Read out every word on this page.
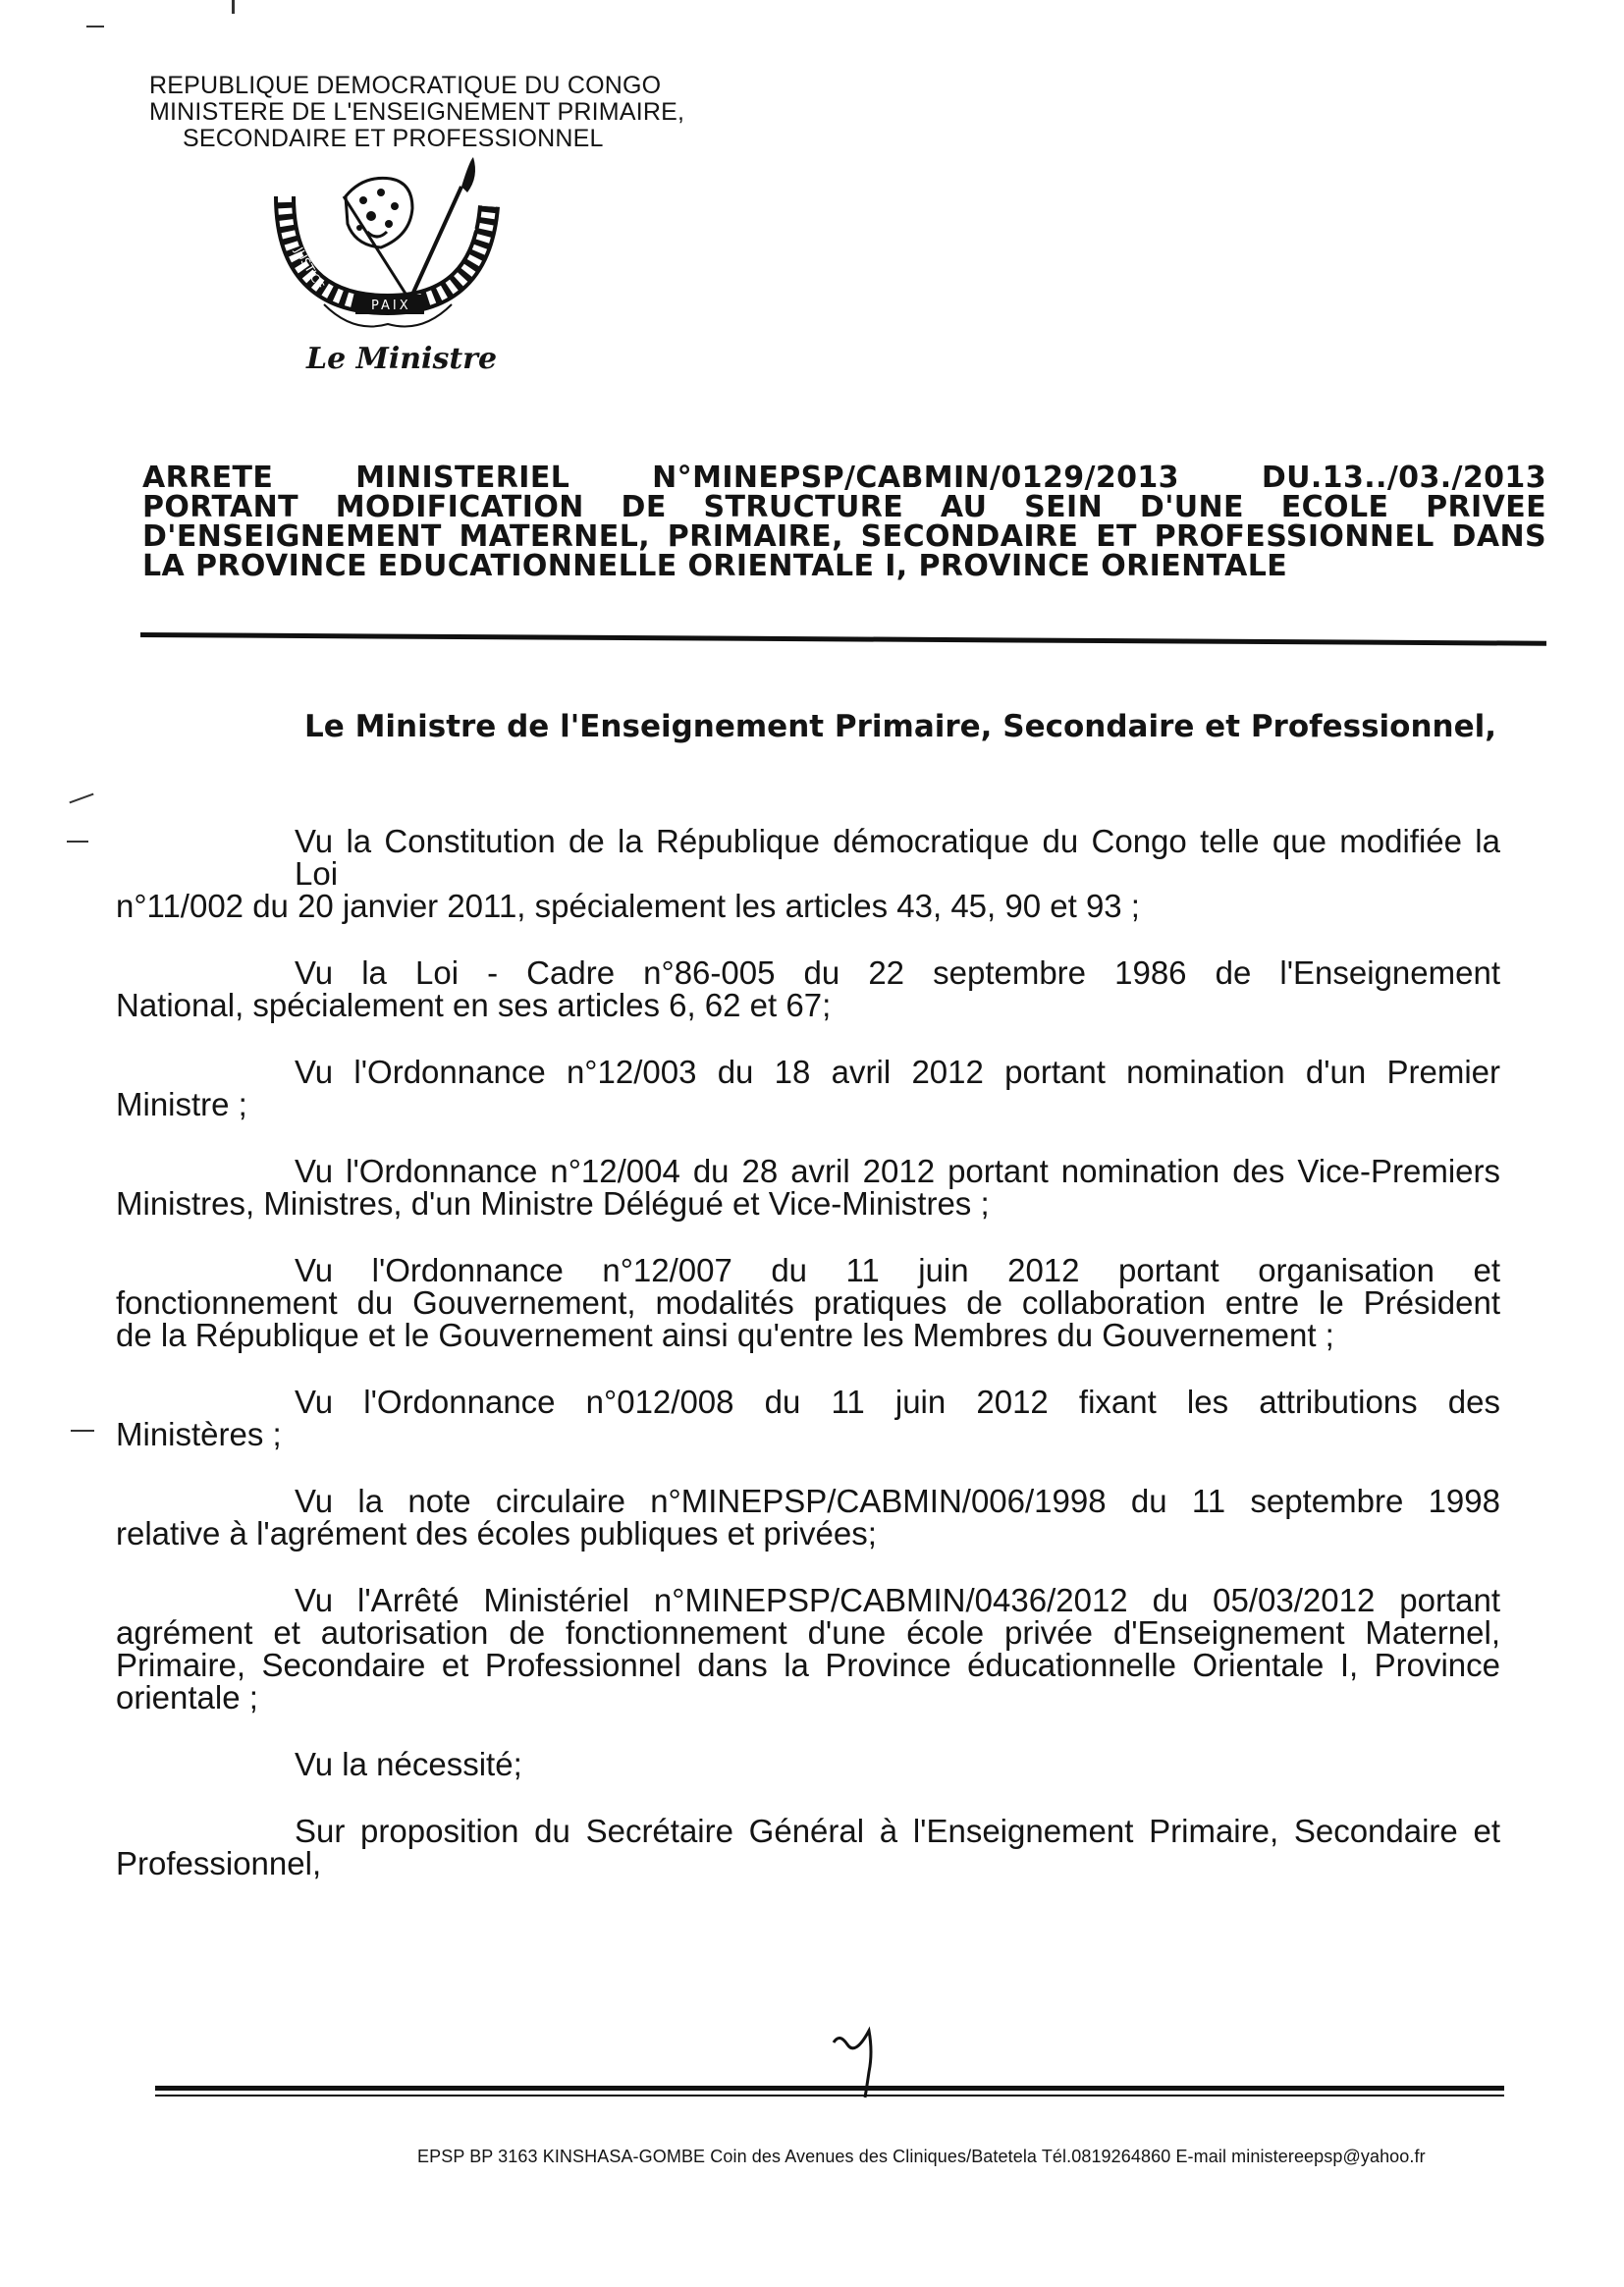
REPUBLIQUE DEMOCRATIQUE DU CONGO
MINISTERE DE L'ENSEIGNEMENT PRIMAIRE,
SECONDAIRE ET PROFESSIONNEL
JUSTICE	TRAVAIL
PAIX
Le Ministre
ARRETE	MINISTERIEL	N°MINEPSP/CABMIN/0129/2013	DU.13../03./2013
PORTANT MODIFICATION DE STRUCTURE AU SEIN D'UNE ECOLE PRIVEE
D'ENSEIGNEMENT MATERNEL, PRIMAIRE, SECONDAIRE ET PROFESSIONNEL DANS
LA PROVINCE EDUCATIONNELLE ORIENTALE I, PROVINCE ORIENTALE
Le Ministre de l'Enseignement Primaire, Secondaire et Professionnel,
Vu la Constitution de la République démocratique du Congo telle que modifiée la Loi
n°11/002 du 20 janvier 2011, spécialement les articles 43, 45, 90 et 93 ;
Vu la Loi - Cadre n°86-005 du 22 septembre 1986 de l'Enseignement
National, spécialement en ses articles 6, 62 et 67;
Vu l'Ordonnance n°12/003 du 18 avril 2012 portant nomination d'un Premier
Ministre ;
Vu l'Ordonnance n°12/004 du 28 avril 2012 portant nomination des Vice-Premiers
Ministres, Ministres, d'un Ministre Délégué et Vice-Ministres ;
Vu l'Ordonnance n°12/007 du 11 juin 2012 portant organisation et
fonctionnement du Gouvernement, modalités pratiques de collaboration entre le Président
de la République et le Gouvernement ainsi qu'entre les Membres du Gouvernement ;
Vu l'Ordonnance n°012/008 du 11 juin 2012 fixant les attributions des
Ministères ;
Vu la note circulaire n°MINEPSP/CABMIN/006/1998 du 11 septembre 1998
relative à l'agrément des écoles publiques et privées;
Vu l'Arrêté Ministériel n°MINEPSP/CABMIN/0436/2012 du 05/03/2012 portant
agrément et autorisation de fonctionnement d'une école privée d'Enseignement Maternel,
Primaire, Secondaire et Professionnel dans la Province éducationnelle Orientale I, Province
orientale ;
Vu la nécessité;
Sur proposition du Secrétaire Général à l'Enseignement Primaire, Secondaire et
Professionnel,
EPSP BP 3163 KINSHASA-GOMBE Coin des Avenues des Cliniques/Batetela Tél.0819264860 E-mail ministereepsp@yahoo.fr
